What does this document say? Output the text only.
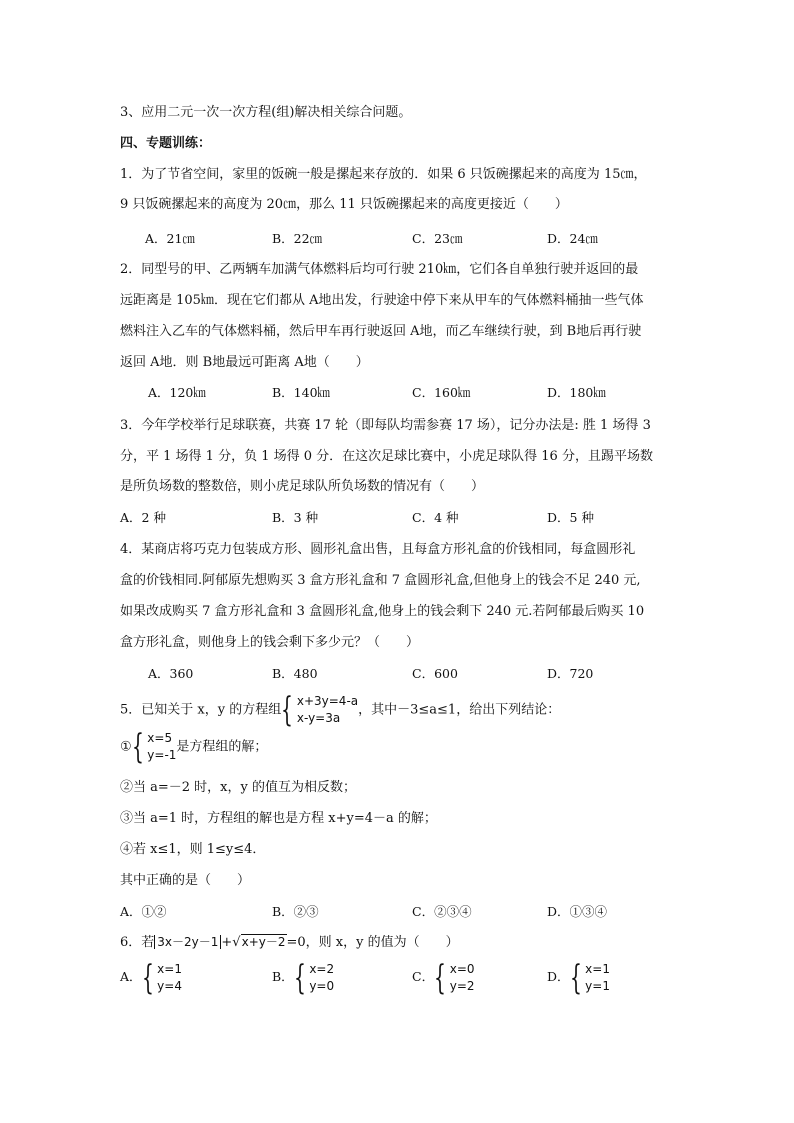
3、应用二元一次一次方程(组)解决相关综合问题。
四、专题训练：
1．为了节省空间，家里的饭碗一般是摞起来存放的．如果 6 只饭碗摞起来的高度为 15㎝，
9 只饭碗摞起来的高度为 20㎝，那么 11 只饭碗摞起来的高度更接近（　　）
A．21㎝	B．22㎝	C．23㎝	D．24㎝
2．同型号的甲、乙两辆车加满气体燃料后均可行驶 210㎞，它们各自单独行驶并返回的最
远距离是 105㎞．现在它们都从 A地出发，行驶途中停下来从甲车的气体燃料桶抽一些气体
燃料注入乙车的气体燃料桶，然后甲车再行驶返回 A地，而乙车继续行驶，到 B地后再行驶
返回 A地．则 B地最远可距离 A地（　　）
A．120㎞	B．140㎞	C．160㎞	D．180㎞
3．今年学校举行足球联赛，共赛 17 轮（即每队均需参赛 17 场），记分办法是: 胜 1 场得 3
分，平 1 场得 1 分，负 1 场得 0 分．在这次足球比赛中，小虎足球队得 16 分，且踢平场数
是所负场数的整数倍，则小虎足球队所负场数的情况有（　　）
A．2 种	B．3 种	C．4 种	D．5 种
4．某商店将巧克力包装成方形、圆形礼盒出售，且每盒方形礼盒的价钱相同，每盒圆形礼
盒的价钱相同.阿郁原先想购买 3 盒方形礼盒和 7 盒圆形礼盒,但他身上的钱会不足 240 元,
如果改成购买 7 盒方形礼盒和 3 盒圆形礼盒,他身上的钱会剩下 240 元.若阿郁最后购买 10
盒方形礼盒，则他身上的钱会剩下多少元？（　　）
A．360	B．480	C．600	D．720
5．已知关于 x，y 的方程组 { x+3y=4-a
x-y=3a
，其中－3≤a≤1，给出下列结论：
① { x=5
y=-1
是方程组的解；
②当 a=－2 时，x，y 的值互为相反数；
③当 a=1 时，方程组的解也是方程 x+y=4－a 的解；
④若 x≤1，则 1≤y≤4．
其中正确的是（　　）
A．①②	B．②③	C．②③④	D．①③④
6．若 3x－2y－1 +√x+y－2=0，则 x，y 的值为（　　）
A． { x=1
y=4
B． { x=2
y=0
C． { x=0
y=2
D． { x=1
y=1
